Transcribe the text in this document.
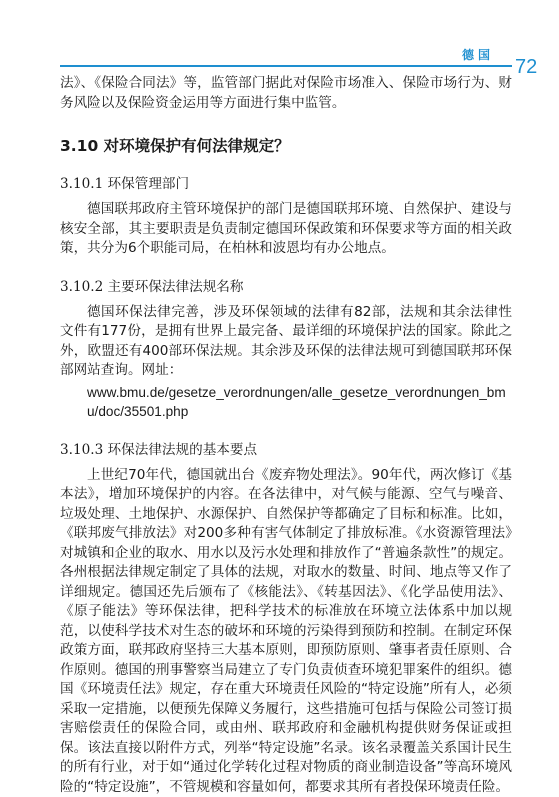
德国
72

法》、《保险合同法》等，监管部门据此对保险市场准入、保险市场行为、财务风险以及保险资金运用等方面进行集中监管。

3.10 对环境保护有何法律规定？
3.10.1 环保管理部门

德国联邦政府主管环境保护的部门是德国联邦环境、自然保护、建设与核安全部，其主要职责是负责制定德国环保政策和环保要求等方面的相关政策，共分为6个职能司局，在柏林和波恩均有办公地点。

3.10.2 主要环保法律法规名称

德国环保法律完善，涉及环保领域的法律有82部，法规和其余法律性文件有177份，是拥有世界上最完备、最详细的环境保护法的国家。除此之外，欧盟还有400部环保法规。其余涉及环保的法律法规可到德国联邦环保部网站查询。网址：

www.bmu.de/gesetze_verordnungen/alle_gesetze_verordnungen_bmu/doc/35501.php
3.10.3 环保法律法规的基本要点

上世纪70年代，德国就出台《废弃物处理法》。90年代，两次修订《基本法》，增加环境保护的内容。在各法律中，对气候与能源、空气与噪音、垃圾处理、土地保护、水源保护、自然保护等都确定了目标和标准。比如，《联邦废气排放法》对200多种有害气体制定了排放标准。《水资源管理法》对城镇和企业的取水、用水以及污水处理和排放作了“普遍条款性”的规定。各州根据法律规定制定了具体的法规，对取水的数量、时间、地点等又作了详细规定。德国还先后颁布了《核能法》、《转基因法》、《化学品使用法》、《原子能法》等环保法律，把科学技术的标准放在环境立法体系中加以规范，以使科学技术对生态的破坏和环境的污染得到预防和控制。在制定环保政策方面，联邦政府坚持三大基本原则，即预防原则、肇事者责任原则、合作原则。德国的刑事警察当局建立了专门负责侦查环境犯罪案件的组织。德国《环境责任法》规定，存在重大环境责任风险的“特定设施”所有人，必须采取一定措施，以便预先保障义务履行，这些措施可包括与保险公司签订损害赔偿责任的保险合同，或由州、联邦政府和金融机构提供财务保证或担保。该法直接以附件方式，列举“特定设施”名录。该名录覆盖关系国计民生的所有行业，对于如“通过化学转化过程对物质的商业制造设备”等高环境风险的“特定设施”，不管规模和容量如何，都要求其所有者投保环境责任险。
